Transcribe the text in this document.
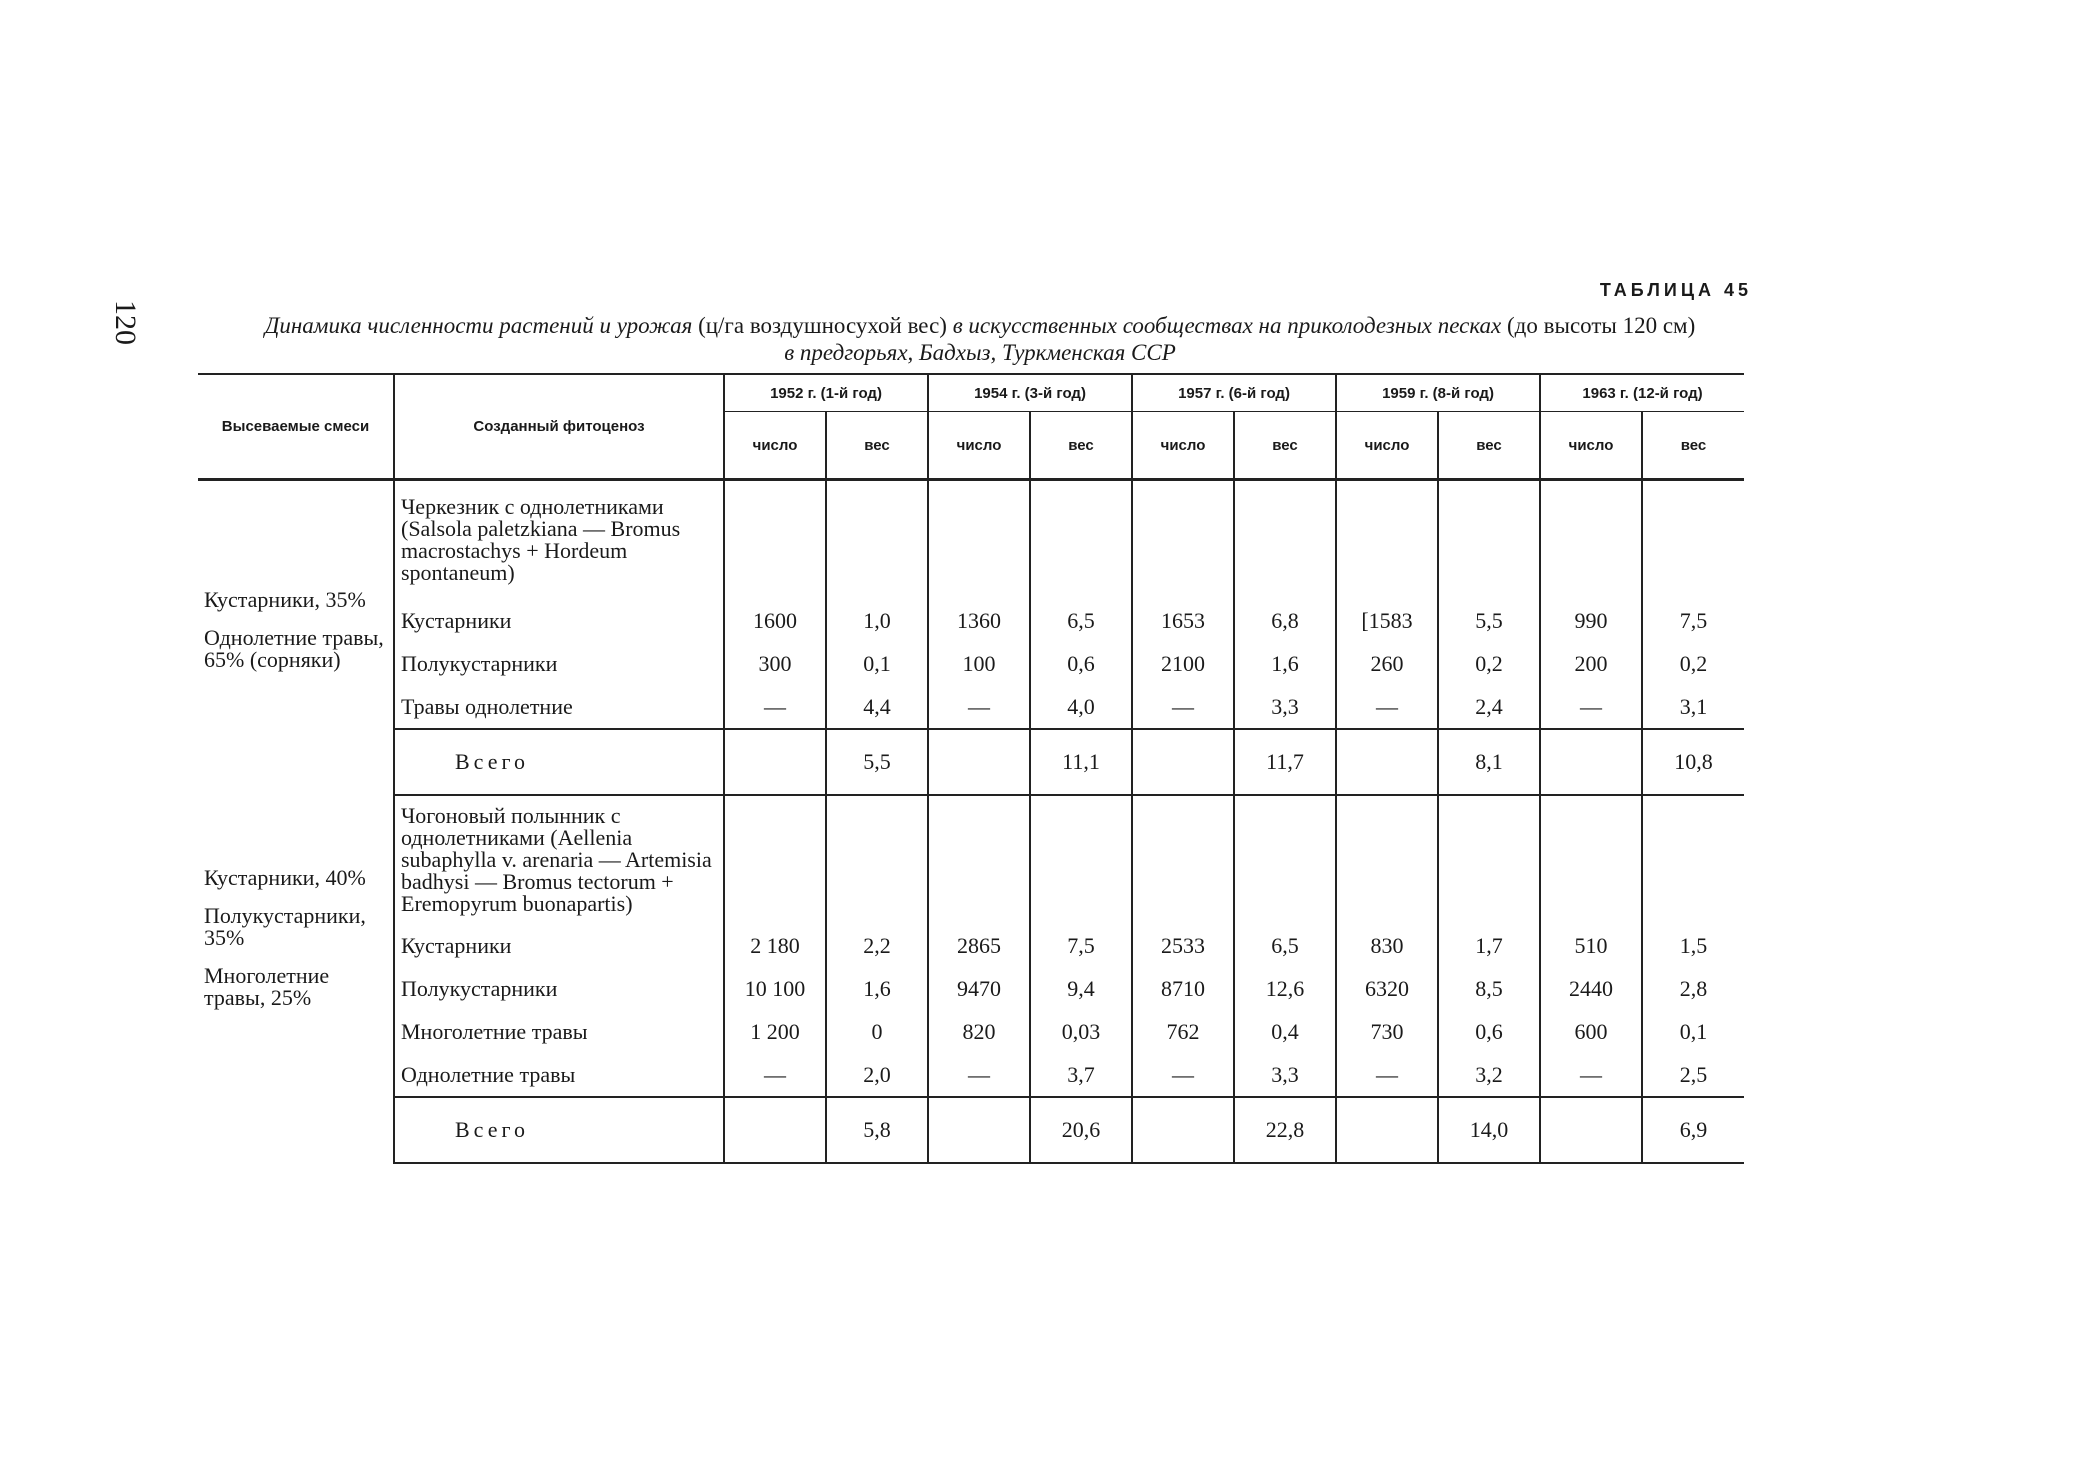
120
ТАБЛИЦА 45
Динамика численности растений и урожая (ц/га воздушносухой вес) в искусственных сообществах на приколодезных песках (до высоты 120 см)
в предгорьях, Бадхыз, Туркменская ССР
Высеваемые смеси	Созданный фитоценоз	1952 г. (1-й год)		1954 г. (3-й год)		1957 г. (6-й год)		1959 г. (8-й год)		1963 г. (12-й год)	
		число	вес	число	вес	число	вес	число	вес	число	вес

Кустарники, 35%

Однолетние травы, 65% (сорняки)	Черкезник с однолетниками (Salsola paletzkiana — Bromus macrostachys + Hordeum spontaneum)										
	Кустарники	1600	1,0	1360	6,5	1653	6,8	[1583	5,5	990	7,5
	Полукустарники	300	0,1	100	0,6	2100	1,6	260	0,2	200	0,2
	Травы однолетние	—	4,4	—	4,0	—	3,3	—	2,4	—	3,1
	Всего		5,5		11,1		11,7		8,1		10,8

Кустарники, 40%

Полукустарники, 35%

Многолетние травы, 25%	Чогоновый полынник с однолетниками (Aellenia subaphylla v. arenaria — Artemisia badhysi — Bromus tectorum + Eremopyrum buonapartis)										
	Кустарники	2 180	2,2	2865	7,5	2533	6,5	830	1,7	510	1,5
	Полукустарники	10 100	1,6	9470	9,4	8710	12,6	6320	8,5	2440	2,8
	Многолетние травы	1 200	0	820	0,03	762	0,4	730	0,6	600	0,1
	Однолетние травы	—	2,0	—	3,7	—	3,3	—	3,2	—	2,5
	Всего		5,8		20,6		22,8		14,0		6,9
